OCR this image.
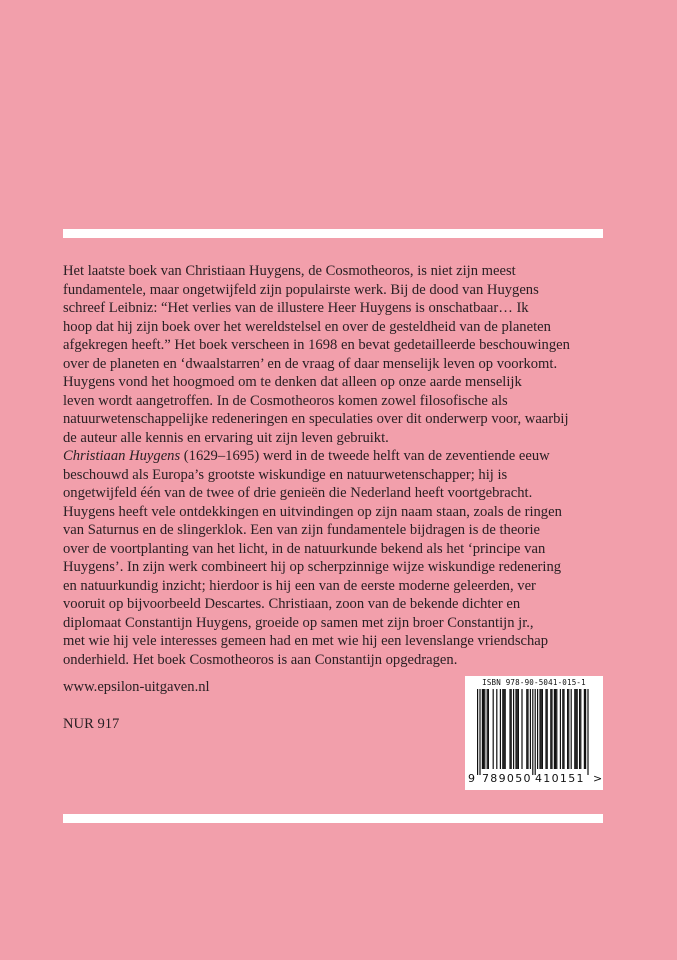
Het laatste boek van Christiaan Huygens, de Cosmotheoros, is niet zijn meest

fundamentele, maar ongetwijfeld zijn populairste werk. Bij de dood van Huygens

schreef Leibniz: “Het verlies van de illustere Heer Huygens is onschatbaar… Ik

hoop dat hij zijn boek over het wereldstelsel en over de gesteldheid van de planeten

afgekregen heeft.” Het boek verscheen in 1698 en bevat gedetailleerde beschouwingen

over de planeten en ‘dwaalstarren’ en de vraag of daar menselijk leven op voorkomt.

Huygens vond het hoogmoed om te denken dat alleen op onze aarde menselijk

leven wordt aangetroffen. In de Cosmotheoros komen zowel filosofische als

natuurwetenschappelijke redeneringen en speculaties over dit onderwerp voor, waarbij

de auteur alle kennis en ervaring uit zijn leven gebruikt.

Christiaan Huygens (1629–1695) werd in de tweede helft van de zeventiende eeuw

beschouwd als Europa’s grootste wiskundige en natuurwetenschapper; hij is

ongetwijfeld één van de twee of drie genieën die Nederland heeft voortgebracht.

Huygens heeft vele ontdekkingen en uitvindingen op zijn naam staan, zoals de ringen

van Saturnus en de slingerklok. Een van zijn fundamentele bijdragen is de theorie

over de voortplanting van het licht, in de natuurkunde bekend als het ‘principe van

Huygens’. In zijn werk combineert hij op scherpzinnige wijze wiskundige redenering

en natuurkundig inzicht; hierdoor is hij een van de eerste moderne geleerden, ver

vooruit op bijvoorbeeld Descartes. Christiaan, zoon van de bekende dichter en

diplomaat Constantijn Huygens, groeide op samen met zijn broer Constantijn jr.,

met wie hij vele interesses gemeen had en met wie hij een levenslange vriendschap

onderhield. Het boek Cosmotheoros is aan Constantijn opgedragen.

www.epsilon-uitgaven.nl
NUR 917
ISBN 978-90-5041-015-1
9 789050 410151 >
